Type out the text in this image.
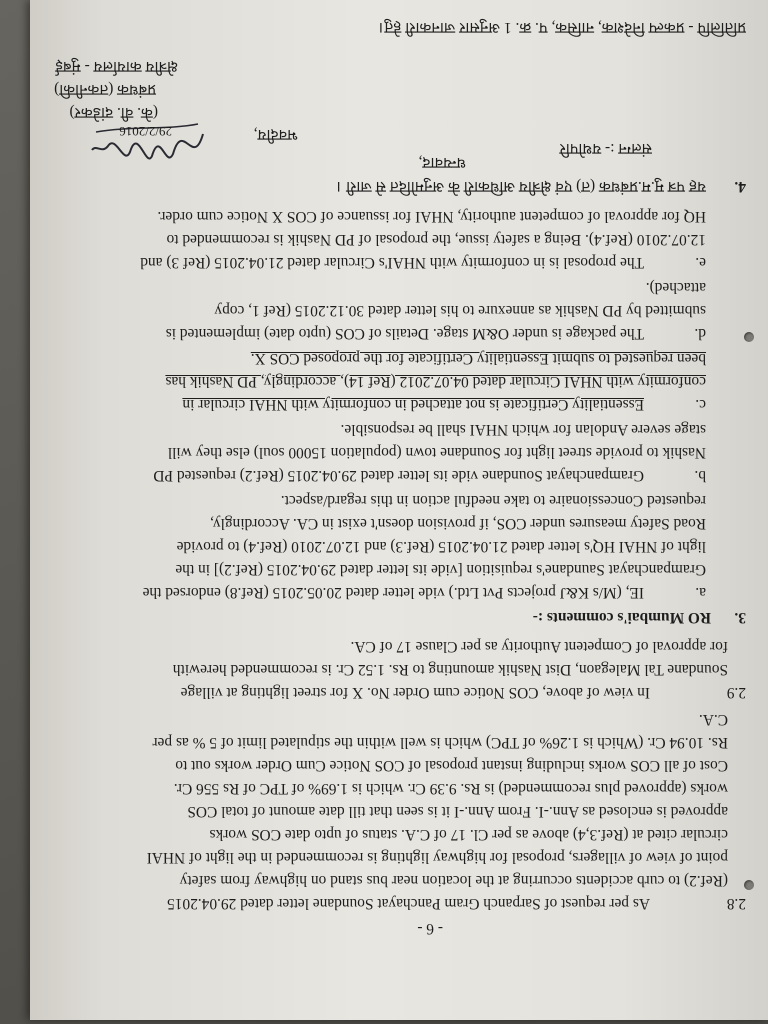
- 6 -
2.8
As per request of Sarpanch Gram Panchayat Soundane letter dated 29.04.2015
(Ref.2) to curb accidents occurring at the location near bus stand on highway from safety
point of view of villagers, proposal for highway lighting is recommended in the light of NHAI
circular cited at (Ref.3,4) above as per Cl. 17 of C.A. status of upto date COS works
approved is enclosed as Ann.-I. From Ann.-I it is seen that till date amount of total COS
works (approved plus recommended) is Rs. 9.39 Cr. which is 1.69% of TPC of Rs 556 Cr.
Cost of all COS works including instant proposal of COS Notice Cum Order works out to
Rs. 10.94 Cr. (Which is 1.26% of TPC) which is well within the stipulated limit of 5 % as per
C.A.
2.9
In view of above, COS Notice cum Order No. X for street lighting at village
Soundane Tal Malegaon, Dist Nashik amounting to Rs. 1.52 Cr. is recommended herewith
for approval of Competent Authority as per Clause 17 of CA.
3.
RO Mumbai's comments :-
a.
IE, (M/s K&J projects Pvt Ltd.) vide letter dated 20.05.2015 (Ref.8) endorsed the
Grampanchayat Saundane's requisition [vide its letter dated 29.04.2015 (Ref.2)] in the
light of NHAI HQ's letter dated 21.04.2015 (Ref.3) and 12.07.2010 (Ref.4) to provide
Road Safety measures under COS, if provision doesn't exist in CA. Accordingly,
requested Concessionaire to take needful action in this regard/aspect.
b.
Grampanchayat Soundane vide its letter dated 29.04.2015 (Ref.2) requested PD
Nashik to provide street light for Soundane town (population 15000 soul) else they will
stage severe Andolan for which NHAI shall be responsible.
c.
Essentiality Certificate is not attached in conformity with NHAI circular in
conformity with NHAI Circular dated 04.07.2012 (Ref 14), accordingly, PD Nashik has
been requested to submit Essentiality Certificate for the proposed COS X.
d.
The package is under O&M stage. Details of COS (upto date) implemented is
submitted by PD Nashik as annexure to his letter dated 30.12.2015 (Ref 1, copy
attached).
e.
The proposal is in conformity with NHAI's Circular dated 21.04.2015 (Ref 3) and
12.07.2010 (Ref.4). Being a safety issue, the proposal of PD Nashik is recommended to
HQ for approval of competent authority, NHAI for issuance of COS X Notice cum order.
4.
यह पत्र मु.म.प्रबंधक (त) एवं क्षेत्रीय अधिकारी के अनुमोदित से जारी ।
धन्यवाद,
भवदीय,
29/2/2016
(के. वी. दांडेकर)
प्रबंधक (तकनीकी)
क्षेत्रीय कार्यालय - मुंबई
संलग्न :- यथोपरि
प्रतिलिपि - प्रकल्प निदेशक, नासिक, प. क्र. 1 अनुसार जानकारी हेतु।
